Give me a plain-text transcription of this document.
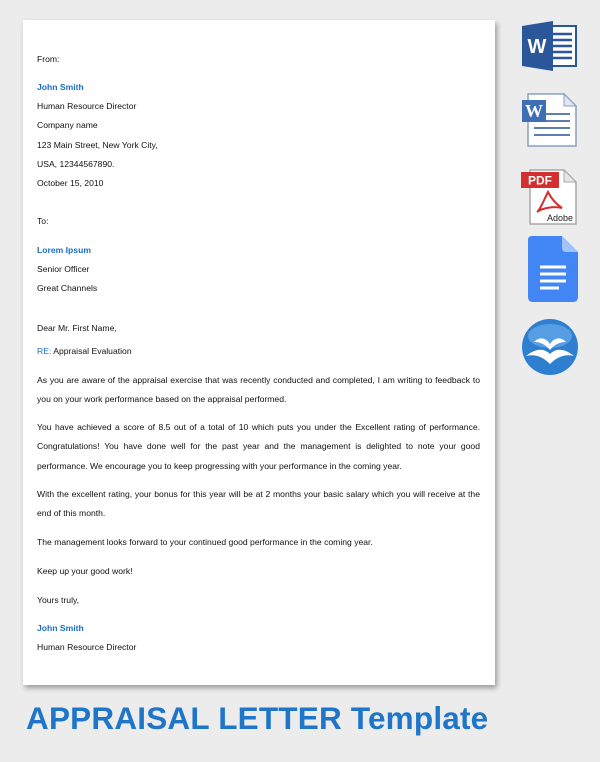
From:
John Smith
Human Resource Director
Company name
123 Main Street, New York City,
USA, 12344567890.
October 15, 2010
To:
Lorem Ipsum
Senior Officer
Great Channels
Dear Mr. First Name,
RE: Appraisal Evaluation

As you are aware of the appraisal exercise that was recently conducted and completed, I am writing to feedback to you on your work performance based on the appraisal performed.

You have achieved a score of 8.5 out of a total of 10 which puts you under the Excellent rating of performance. Congratulations! You have done well for the past year and the management is delighted to note your good performance. We encourage you to keep progressing with your performance in the coming year.

With the excellent rating, your bonus for this year will be at 2 months your basic salary which you will receive at the end of this month.

The management looks forward to your continued good performance in the coming year.

Keep up your good work!

Yours truly,
John Smith
Human Resource Director
W
W
PDF
Adobe
APPRAISAL LETTER Template
